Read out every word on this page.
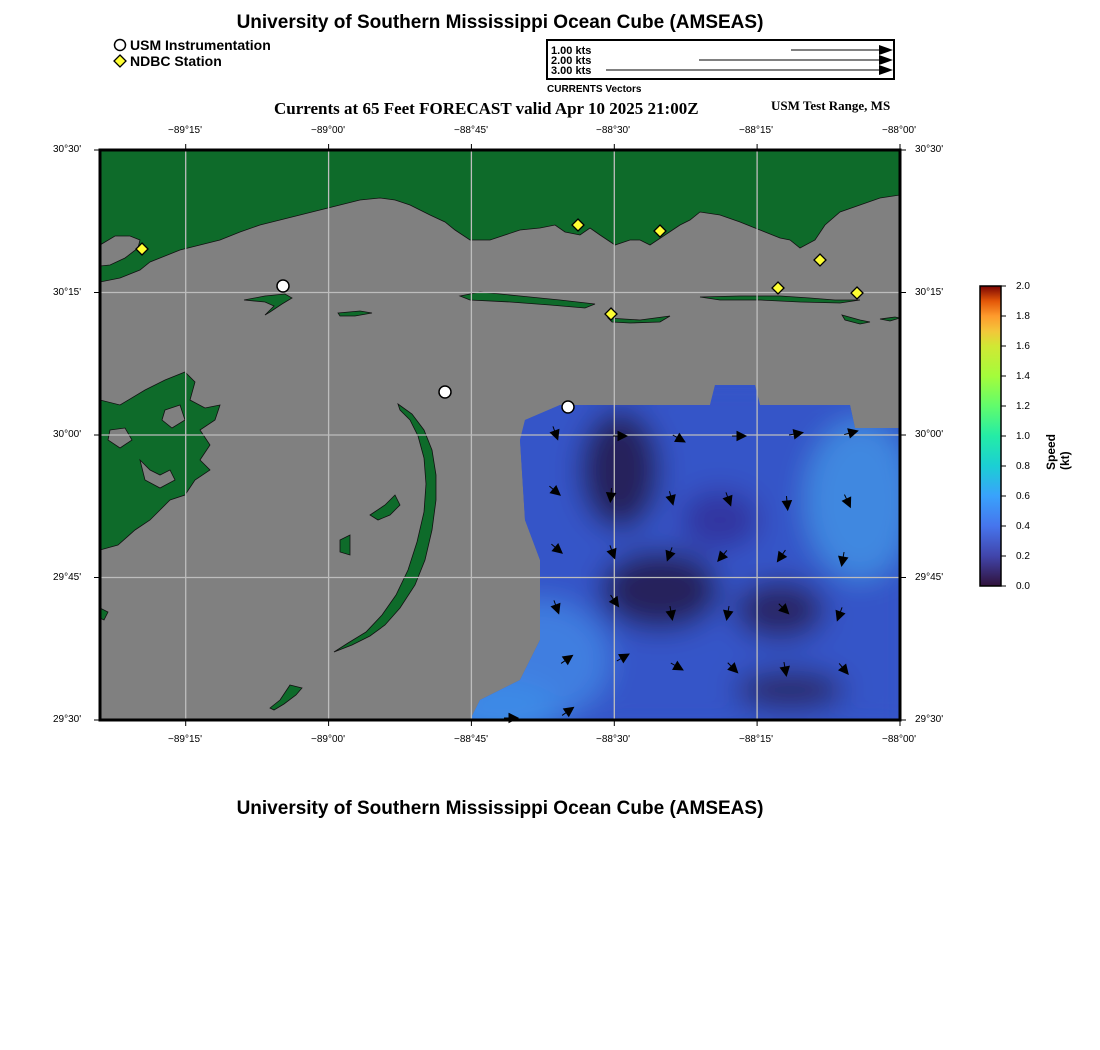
University of Southern Mississippi Ocean Cube (AMSEAS)
University of Southern Mississippi Ocean Cube (AMSEAS)
USM Instrumentation
NDBC Station
1.00 kts
2.00 kts
3.00 kts
CURRENTS Vectors
Currents at 65 Feet FORECAST valid Apr 10 2025 21:00Z	USM Test Range, MS
−89°15'	−89°00'	−88°45'	−88°30'	−88°15'	−88°00'
−89°15'	−89°00'	−88°45'	−88°30'	−88°15'	−88°00'
30°30'
30°15'
30°00'
29°45'
29°30'
30°30'
30°15'
30°00'
29°45'
29°30'
2.0
1.8
1.6
1.4
1.2
1.0
0.8
0.6
0.4
0.2
0.0
Speed (kt)
